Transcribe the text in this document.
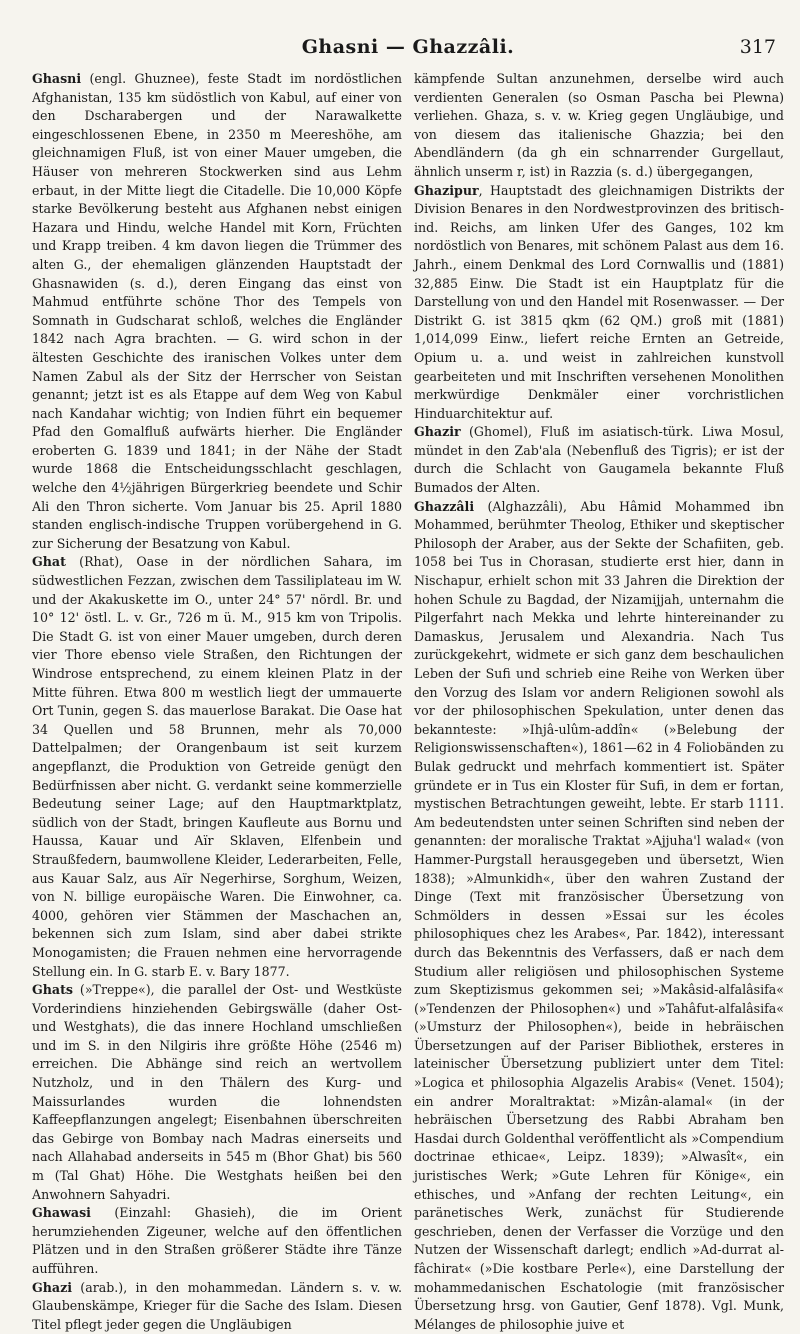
Ghasni — Ghazzâli.	317

Ghasni (engl. Ghuznee), feste Stadt im nordöstlichen Afghanistan, 135 km südöstlich von Kabul, auf einer von den Dscharabergen und der Narawalkette eingeschlossenen Ebene, in 2350 m Meereshöhe, am gleichnamigen Fluß, ist von einer Mauer umgeben, die Häuser von mehreren Stockwerken sind aus Lehm erbaut, in der Mitte liegt die Citadelle. Die 10,000 Köpfe starke Bevölkerung besteht aus Afghanen nebst einigen Hazara und Hindu, welche Handel mit Korn, Früchten und Krapp treiben. 4 km davon liegen die Trümmer des alten G., der ehemaligen glänzenden Hauptstadt der Ghasnawiden (s. d.), deren Eingang das einst von Mahmud entführte schöne Thor des Tempels von Somnath in Gudscharat schloß, welches die Engländer 1842 nach Agra brachten. — G. wird schon in der ältesten Geschichte des iranischen Volkes unter dem Namen Zabul als der Sitz der Herrscher von Seistan genannt; jetzt ist es als Etappe auf dem Weg von Kabul nach Kandahar wichtig; von Indien führt ein bequemer Pfad den Gomalfluß aufwärts hierher. Die Engländer eroberten G. 1839 und 1841; in der Nähe der Stadt wurde 1868 die Entscheidungsschlacht geschlagen, welche den 4½jährigen Bürgerkrieg beendete und Schir Ali den Thron sicherte. Vom Januar bis 25. April 1880 standen englisch-indische Truppen vorübergehend in G. zur Sicherung der Besatzung von Kabul.

Ghat (Rhat), Oase in der nördlichen Sahara, im südwestlichen Fezzan, zwischen dem Tassiliplateau im W. und der Akakuskette im O., unter 24° 57' nördl. Br. und 10° 12' östl. L. v. Gr., 726 m ü. M., 915 km von Tripolis. Die Stadt G. ist von einer Mauer umgeben, durch deren vier Thore ebenso viele Straßen, den Richtungen der Windrose entsprechend, zu einem kleinen Platz in der Mitte führen. Etwa 800 m westlich liegt der ummauerte Ort Tunin, gegen S. das mauerlose Barakat. Die Oase hat 34 Quellen und 58 Brunnen, mehr als 70,000 Dattelpalmen; der Orangenbaum ist seit kurzem angepflanzt, die Produktion von Getreide genügt den Bedürfnissen aber nicht. G. verdankt seine kommerzielle Bedeutung seiner Lage; auf den Hauptmarktplatz, südlich von der Stadt, bringen Kaufleute aus Bornu und Haussa, Kauar und Aïr Sklaven, Elfenbein und Straußfedern, baumwollene Kleider, Lederarbeiten, Felle, aus Kauar Salz, aus Aïr Negerhirse, Sorghum, Weizen, von N. billige europäische Waren. Die Einwohner, ca. 4000, gehören vier Stämmen der Maschachen an, bekennen sich zum Islam, sind aber dabei strikte Monogamisten; die Frauen nehmen eine hervorragende Stellung ein. In G. starb E. v. Bary 1877.

Ghats (»Treppe«), die parallel der Ost- und Westküste Vorderindiens hinziehenden Gebirgswälle (daher Ost- und Westghats), die das innere Hochland umschließen und im S. in den Nilgiris ihre größte Höhe (2546 m) erreichen. Die Abhänge sind reich an wertvollem Nutzholz, und in den Thälern des Kurg- und Maissurlandes wurden die lohnendsten Kaffeepflanzungen angelegt; Eisenbahnen überschreiten das Gebirge von Bombay nach Madras einerseits und nach Allahabad anderseits in 545 m (Bhor Ghat) bis 560 m (Tal Ghat) Höhe. Die Westghats heißen bei den Anwohnern Sahyadri.

Ghawasi (Einzahl: Ghasieh), die im Orient herumziehenden Zigeuner, welche auf den öffentlichen Plätzen und in den Straßen größerer Städte ihre Tänze aufführen.

Ghazi (arab.), in den mohammedan. Ländern s. v. w. Glaubenskämpe, Krieger für die Sache des Islam. Diesen Titel pflegt jeder gegen die Ungläubigen

kämpfende Sultan anzunehmen, derselbe wird auch verdienten Generalen (so Osman Pascha bei Plewna) verliehen. Ghaza, s. v. w. Krieg gegen Ungläubige, und von diesem das italienische Ghazzia; bei den Abendländern (da gh ein schnarrender Gurgellaut, ähnlich unserm r, ist) in Razzia (s. d.) übergegangen,

Ghazipur, Hauptstadt des gleichnamigen Distrikts der Division Benares in den Nordwestprovinzen des britisch-ind. Reichs, am linken Ufer des Ganges, 102 km nordöstlich von Benares, mit schönem Palast aus dem 16. Jahrh., einem Denkmal des Lord Cornwallis und (1881) 32,885 Einw. Die Stadt ist ein Hauptplatz für die Darstellung von und den Handel mit Rosenwasser. — Der Distrikt G. ist 3815 qkm (62 QM.) groß mit (1881) 1,014,099 Einw., liefert reiche Ernten an Getreide, Opium u. a. und weist in zahlreichen kunstvoll gearbeiteten und mit Inschriften versehenen Monolithen merkwürdige Denkmäler einer vorchristlichen Hinduarchitektur auf.

Ghazir (Ghomel), Fluß im asiatisch-türk. Liwa Mosul, mündet in den Zab'ala (Nebenfluß des Tigris); er ist der durch die Schlacht von Gaugamela bekannte Fluß Bumados der Alten.

Ghazzâli (Alghazzâli), Abu Hâmid Mohammed ibn Mohammed, berühmter Theolog, Ethiker und skeptischer Philosoph der Araber, aus der Sekte der Schafiiten, geb. 1058 bei Tus in Chorasan, studierte erst hier, dann in Nischapur, erhielt schon mit 33 Jahren die Direktion der hohen Schule zu Bagdad, der Nizamijjah, unternahm die Pilgerfahrt nach Mekka und lehrte hintereinander zu Damaskus, Jerusalem und Alexandria. Nach Tus zurückgekehrt, widmete er sich ganz dem beschaulichen Leben der Sufi und schrieb eine Reihe von Werken über den Vorzug des Islam vor andern Religionen sowohl als vor der philosophischen Spekulation, unter denen das bekannteste: »Ihjâ-ulûm-addîn« (»Belebung der Religionswissenschaften«), 1861—62 in 4 Foliobänden zu Bulak gedruckt und mehrfach kommentiert ist. Später gründete er in Tus ein Kloster für Sufi, in dem er fortan, mystischen Betrachtungen geweiht, lebte. Er starb 1111. Am bedeutendsten unter seinen Schriften sind neben der genannten: der moralische Traktat »Ajjuha'l walad« (von Hammer-Purgstall herausgegeben und übersetzt, Wien 1838); »Almunkidh«, über den wahren Zustand der Dinge (Text mit französischer Übersetzung von Schmölders in dessen »Essai sur les écoles philosophiques chez les Arabes«, Par. 1842), interessant durch das Bekenntnis des Verfassers, daß er nach dem Studium aller religiösen und philosophischen Systeme zum Skeptizismus gekommen sei; »Makâsid-alfalâsifa« (»Tendenzen der Philosophen«) und »Tahâfut-alfalâsifa« (»Umsturz der Philosophen«), beide in hebräischen Übersetzungen auf der Pariser Bibliothek, ersteres in lateinischer Übersetzung publiziert unter dem Titel: »Logica et philosophia Algazelis Arabis« (Venet. 1504); ein andrer Moraltraktat: »Mizân-alamal« (in der hebräischen Übersetzung des Rabbi Abraham ben Hasdai durch Goldenthal veröffentlicht als »Compendium doctrinae ethicae«, Leipz. 1839); »Alwasît«, ein juristisches Werk; »Gute Lehren für Könige«, ein ethisches, und »Anfang der rechten Leitung«, ein paränetisches Werk, zunächst für Studierende geschrieben, denen der Verfasser die Vorzüge und den Nutzen der Wissenschaft darlegt; endlich »Ad-durrat al-fâchirat« (»Die kostbare Perle«), eine Darstellung der mohammedanischen Eschatologie (mit französischer Übersetzung hrsg. von Gautier, Genf 1878). Vgl. Munk, Mélanges de philosophie juive et
